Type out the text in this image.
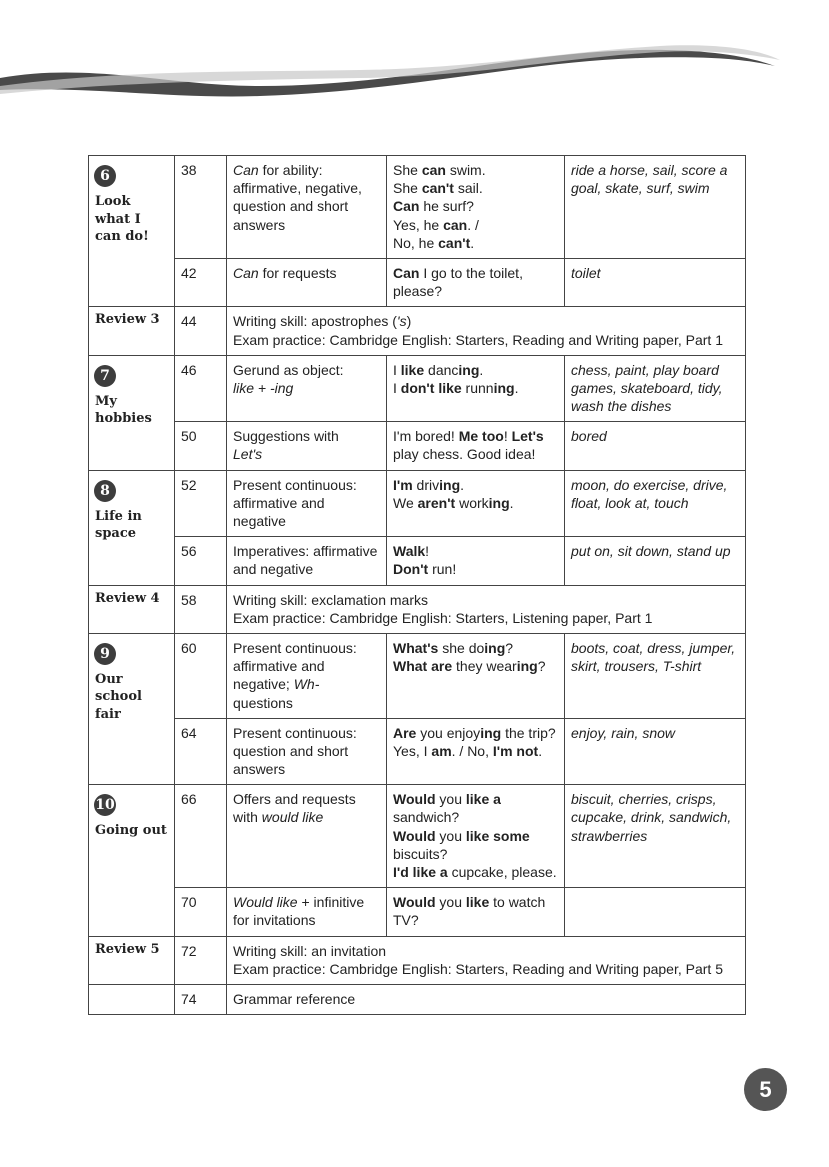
6
Look what I can do!	38	Can for ability: affirmative, negative, question and short answers	She can swim.
She can't sail.
Can he surf?
Yes, he can. /
No, he can't.	ride a horse, sail, score a goal, skate, surf, swim
	42	Can for requests	Can I go to the toilet, please?	toilet
Review 3	44	Writing skill: apostrophes ('s)
Exam practice: Cambridge English: Starters, Reading and Writing paper, Part 1		

7
My hobbies	46	Gerund as object:
like + -ing	I like dancing.
I don't like running.	chess, paint, play board games, skateboard, tidy, wash the dishes
	50	Suggestions with
Let's	I'm bored! Me too! Let's play chess. Good idea!	bored
8
Life in space	52	Present continuous: affirmative and negative	I'm driving.
We aren't working.	moon, do exercise, drive, float, look at, touch
	56	Imperatives: affirmative and negative	Walk!
Don't run!	put on, sit down, stand up
Review 4	58	Writing skill: exclamation marks
Exam practice: Cambridge English: Starters, Listening paper, Part 1		

9
Our school fair	60	Present continuous: affirmative and negative; Wh- questions	What's she doing?
What are they wearing?	boots, coat, dress, jumper, skirt, trousers, T-shirt
	64	Present continuous: question and short answers	Are you enjoying the trip?
Yes, I am. / No, I'm not.	enjoy, rain, snow
10
Going out	66	Offers and requests with would like	Would you like a sandwich?
Would you like some biscuits?
I'd like a cupcake, please.	biscuit, cherries, crisps, cupcake, drink, sandwich, strawberries
	70	Would like + infinitive for invitations	Would you like to watch TV?	

Review 5	72	Writing skill: an invitation
Exam practice: Cambridge English: Starters, Reading and Writing paper, Part 5		

	74	Grammar reference		
5
